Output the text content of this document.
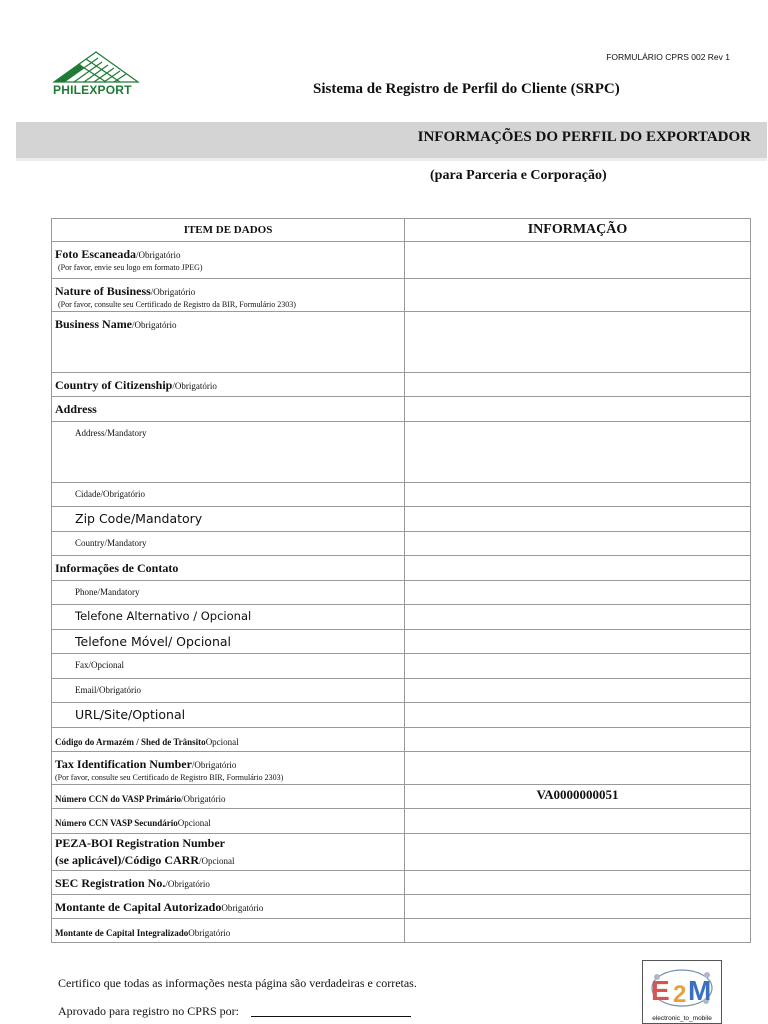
PHILEXPORT
FORMULÁRIO CPRS 002 Rev 1
Sistema de Registro de Perfil do Cliente (SRPC)
INFORMAÇÕES DO PERFIL DO EXPORTADOR
(para Parceria e Corporação)
ITEM DE DADOS	INFORMAÇÃO
Foto Escaneada/Obrigatório
(Por favor, envie seu logo em formato JPEG)	

Nature of Business/Obrigatório
(Por favor, consulte seu Certificado de Registro da BIR, Formulário 2303)	

Business Name/Obrigatório	
Country of Citizenship/Obrigatório	
Address	
Address/Mandatory	
Cidade/Obrigatório	
Zip Code/Mandatory	
Country/Mandatory	
Informações de Contato	
Phone/Mandatory	
Telefone Alternativo / Opcional	
Telefone Móvel/ Opcional	
Fax/Opcional	
Email/Obrigatório	
URL/Site/Optional	
Código do Armazém / Shed de TrânsitoOpcional	
Tax Identification Number/Obrigatório
(Por favor, consulte seu Certificado de Registro BIR, Formulário 2303)	

Número CCN do VASP Primário/Obrigatório	VA0000000051
Número CCN VASP SecundárioOpcional	

PEZA-BOI Registration Number
(se aplicável)/Código CARR/Opcional	
SEC Registration No./Obrigatório	
Montante de Capital AutorizadoObrigatório	
Montante de Capital IntegralizadoObrigatório	
Certifico que todas as informações nesta página são verdadeiras e corretas.
Aprovado para registro no CPRS por:
E 2 M
electronic_to_mobile
